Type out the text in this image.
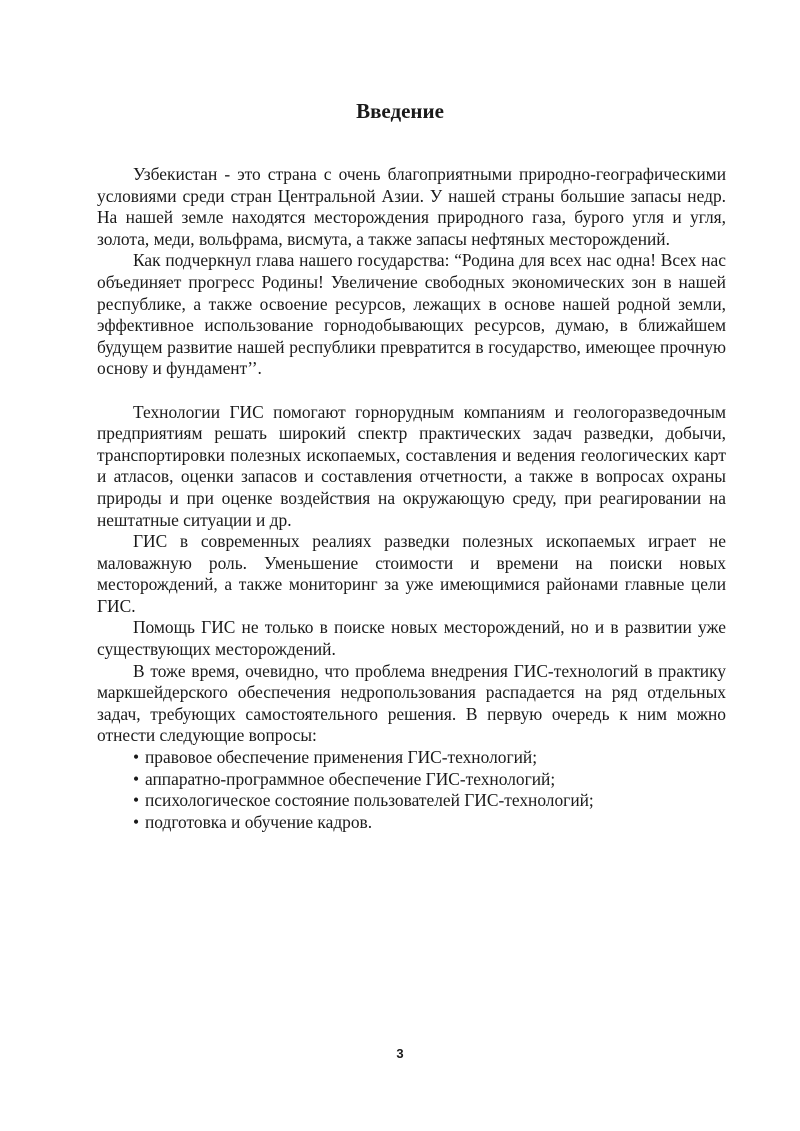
Введение

Узбекистан - это страна с очень благоприятными природно-географическими условиями среди стран Центральной Азии. У нашей страны большие запасы недр. На нашей земле находятся месторождения природного газа, бурого угля и угля, золота, меди, вольфрама, висмута, а также запасы нефтяных месторождений.

Как подчеркнул глава нашего государства: “Родина для всех нас одна! Всех нас объединяет прогресс Родины! Увеличение свободных экономических зон в нашей республике, а также освоение ресурсов, лежащих в основе нашей родной земли, эффективное использование горнодобывающих ресурсов, думаю, в ближайшем будущем развитие нашей республики превратится в государство, имеющее прочную основу и фундамент’’.

Технологии ГИС помогают горнорудным компаниям и геологоразведочным предприятиям решать широкий спектр практических задач разведки, добычи, транспортировки полезных ископаемых, составления и ведения геологических карт и атласов, оценки запасов и составления отчетности, а также в вопросах охраны природы и при оценке воздействия на окружающую среду, при реагировании на нештатные ситуации и др.

ГИС в современных реалиях разведки полезных ископаемых играет не маловажную роль. Уменьшение стоимости и времени на поиски новых месторождений, а также мониторинг за уже имеющимися районами главные цели ГИС.

Помощь ГИС не только в поиске новых месторождений, но и в развитии уже существующих месторождений.

В тоже время, очевидно, что проблема внедрения ГИС-технологий в практику маркшейдерского обеспечения недропользования распадается на ряд отдельных задач, требующих самостоятельного решения. В первую очередь к ним можно отнести следующие вопросы:

• правовое обеспечение применения ГИС-технологий;
• аппаратно-программное обеспечение ГИС-технологий;
• психологическое состояние пользователей ГИС-технологий;
• подготовка и обучение кадров.
3
